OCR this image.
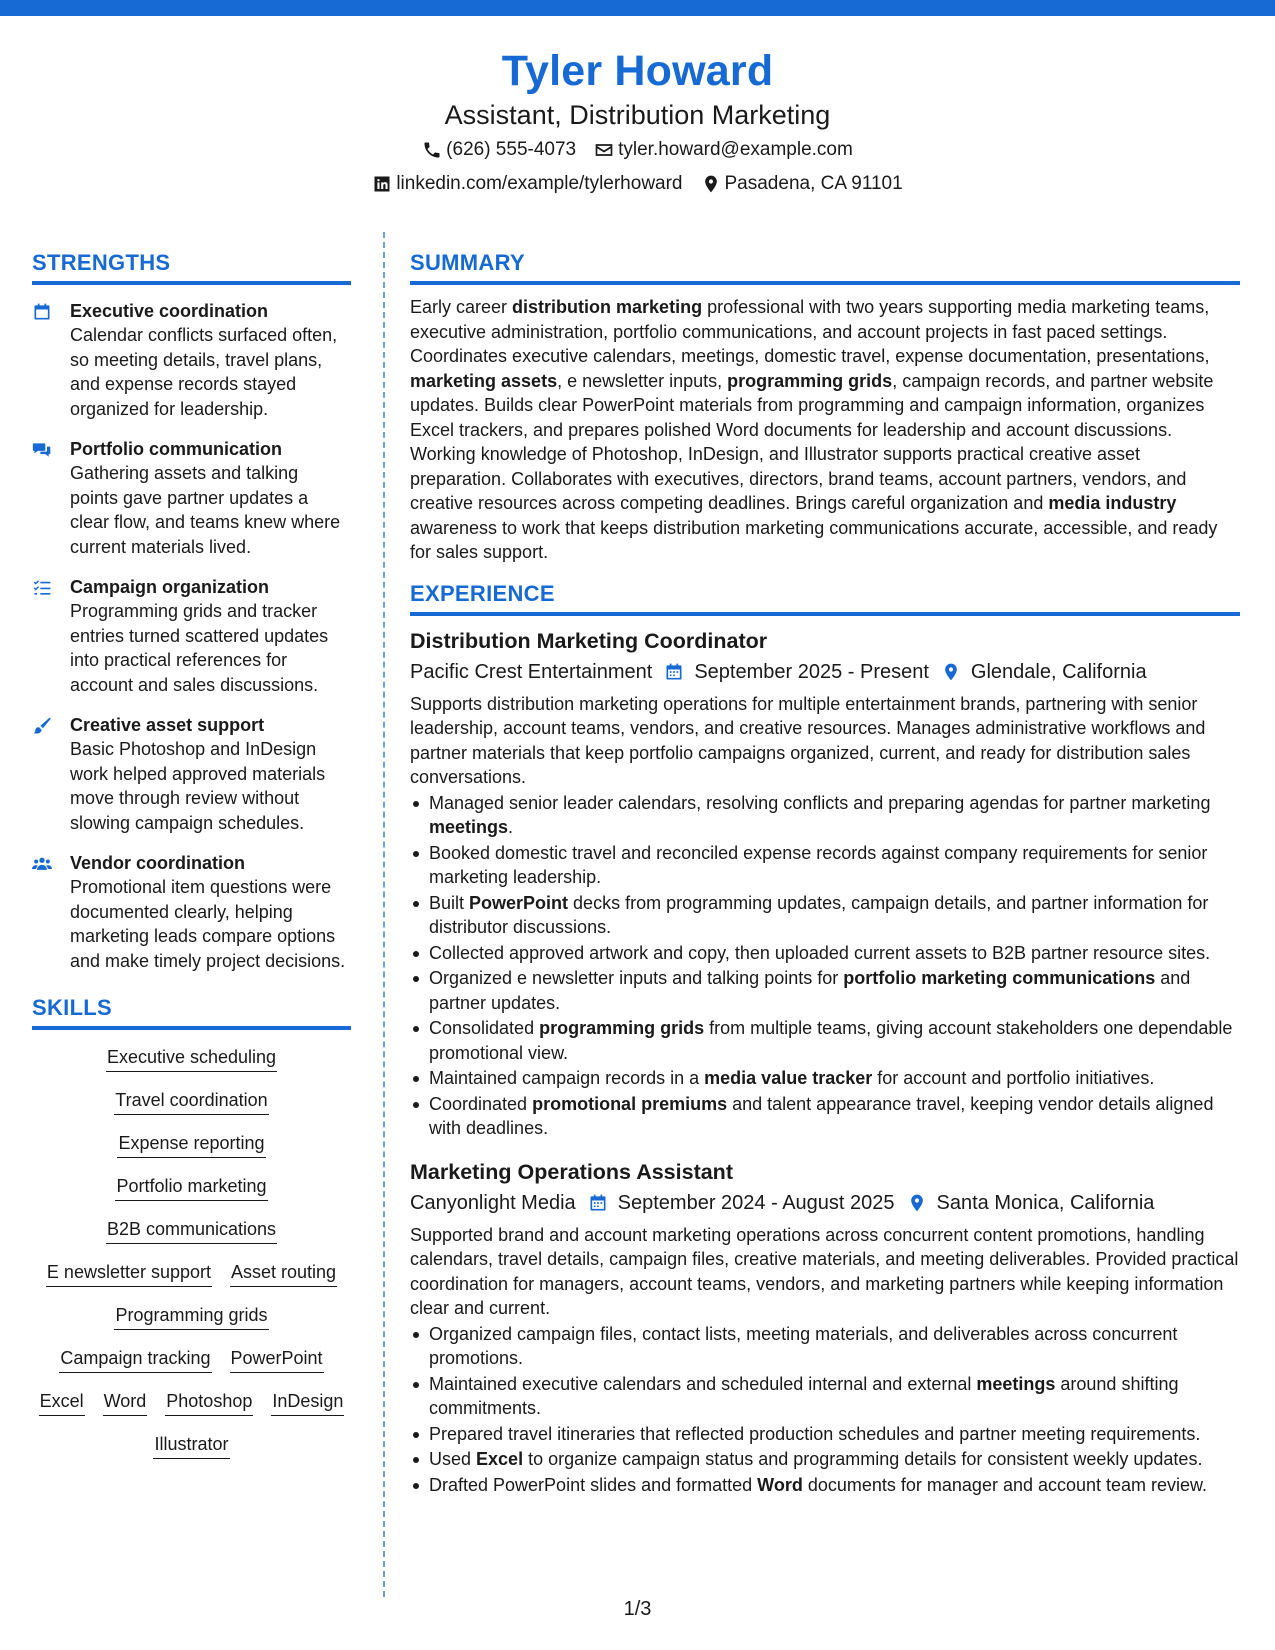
Tyler Howard
Assistant, Distribution Marketing
(626) 555-4073 tyler.howard@example.com
linkedin.com/example/tylerhoward Pasadena, CA 91101
STRENGTHS
Executive coordination
Calendar conflicts surfaced often, so meeting details, travel plans, and expense records stayed organized for leadership.
Portfolio communication
Gathering assets and talking points gave partner updates a clear flow, and teams knew where current materials lived.
Campaign organization
Programming grids and tracker entries turned scattered updates into practical references for account and sales discussions.
Creative asset support
Basic Photoshop and InDesign work helped approved materials move through review without slowing campaign schedules.
Vendor coordination
Promotional item questions were documented clearly, helping marketing leads compare options and make timely project decisions.
SKILLS
Executive scheduling
Travel coordination
Expense reporting
Portfolio marketing
B2B communications
E newsletter support Asset routing
Programming grids
Campaign tracking PowerPoint
Excel Word Photoshop InDesign
Illustrator
SUMMARY
Early career distribution marketing professional with two years supporting media marketing teams, executive administration, portfolio communications, and account projects in fast paced settings. Coordinates executive calendars, meetings, domestic travel, expense documentation, presentations, marketing assets, e newsletter inputs, programming grids, campaign records, and partner website updates. Builds clear PowerPoint materials from programming and campaign information, organizes Excel trackers, and prepares polished Word documents for leadership and account discussions. Working knowledge of Photoshop, InDesign, and Illustrator supports practical creative asset preparation. Collaborates with executives, directors, brand teams, account partners, vendors, and creative resources across competing deadlines. Brings careful organization and media industry awareness to work that keeps distribution marketing communications accurate, accessible, and ready for sales support.
EXPERIENCE
Distribution Marketing Coordinator
Pacific Crest Entertainment September 2025 - Present Glendale, California
Supports distribution marketing operations for multiple entertainment brands, partnering with senior leadership, account teams, vendors, and creative resources. Manages administrative workflows and partner materials that keep portfolio campaigns organized, current, and ready for distribution sales conversations.
Managed senior leader calendars, resolving conflicts and preparing agendas for partner marketing meetings.
Booked domestic travel and reconciled expense records against company requirements for senior marketing leadership.
Built PowerPoint decks from programming updates, campaign details, and partner information for distributor discussions.
Collected approved artwork and copy, then uploaded current assets to B2B partner resource sites.
Organized e newsletter inputs and talking points for portfolio marketing communications and partner updates.
Consolidated programming grids from multiple teams, giving account stakeholders one dependable promotional view.
Maintained campaign records in a media value tracker for account and portfolio initiatives.
Coordinated promotional premiums and talent appearance travel, keeping vendor details aligned with deadlines.
Marketing Operations Assistant
Canyonlight Media September 2024 - August 2025 Santa Monica, California
Supported brand and account marketing operations across concurrent content promotions, handling calendars, travel details, campaign files, creative materials, and meeting deliverables. Provided practical coordination for managers, account teams, vendors, and marketing partners while keeping information clear and current.
Organized campaign files, contact lists, meeting materials, and deliverables across concurrent promotions.
Maintained executive calendars and scheduled internal and external meetings around shifting commitments.
Prepared travel itineraries that reflected production schedules and partner meeting requirements.
Used Excel to organize campaign status and programming details for consistent weekly updates.
Drafted PowerPoint slides and formatted Word documents for manager and account team review.
1/3
